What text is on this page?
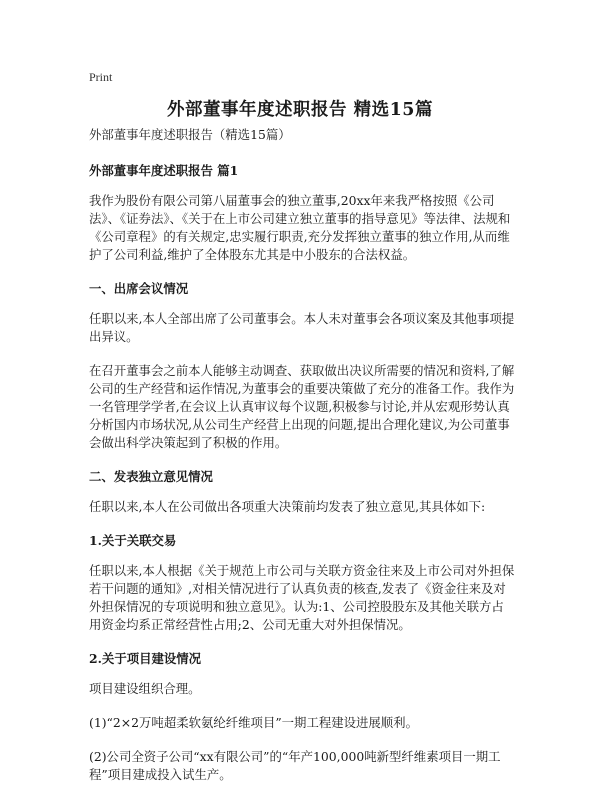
Print
外部董事年度述职报告 精选15篇

外部董事年度述职报告（精选15篇）

外部董事年度述职报告 篇1

我作为股份有限公司第八届董事会的独立董事,20xx年来我严格按照《公司法》、《证券法》、《关于在上市公司建立独立董事的指导意见》等法律、法规和《公司章程》的有关规定,忠实履行职责,充分发挥独立董事的独立作用,从而维护了公司利益,维护了全体股东尤其是中小股东的合法权益。

一、出席会议情况

任职以来,本人全部出席了公司董事会。本人未对董事会各项议案及其他事项提出异议。

在召开董事会之前本人能够主动调查、获取做出决议所需要的情况和资料,了解公司的生产经营和运作情况,为董事会的重要决策做了充分的准备工作。我作为一名管理学学者,在会议上认真审议每个议题,积极参与讨论,并从宏观形势认真分析国内市场状况,从公司生产经营上出现的问题,提出合理化建议,为公司董事会做出科学决策起到了积极的作用。

二、发表独立意见情况

任职以来,本人在公司做出各项重大决策前均发表了独立意见,其具体如下:

1.关于关联交易

任职以来,本人根据《关于规范上市公司与关联方资金往来及上市公司对外担保若干问题的通知》,对相关情况进行了认真负责的核查,发表了《资金往来及对外担保情况的专项说明和独立意见》。认为:1、公司控股股东及其他关联方占用资金均系正常经营性占用;2、公司无重大对外担保情况。

2.关于项目建设情况

项目建设组织合理。

(1)“2×2万吨超柔软氨纶纤维项目”一期工程建设进展顺利。

(2)公司全资子公司“xx有限公司”的“年产100,000吨新型纤维素项目一期工程”项目建成投入试生产。
